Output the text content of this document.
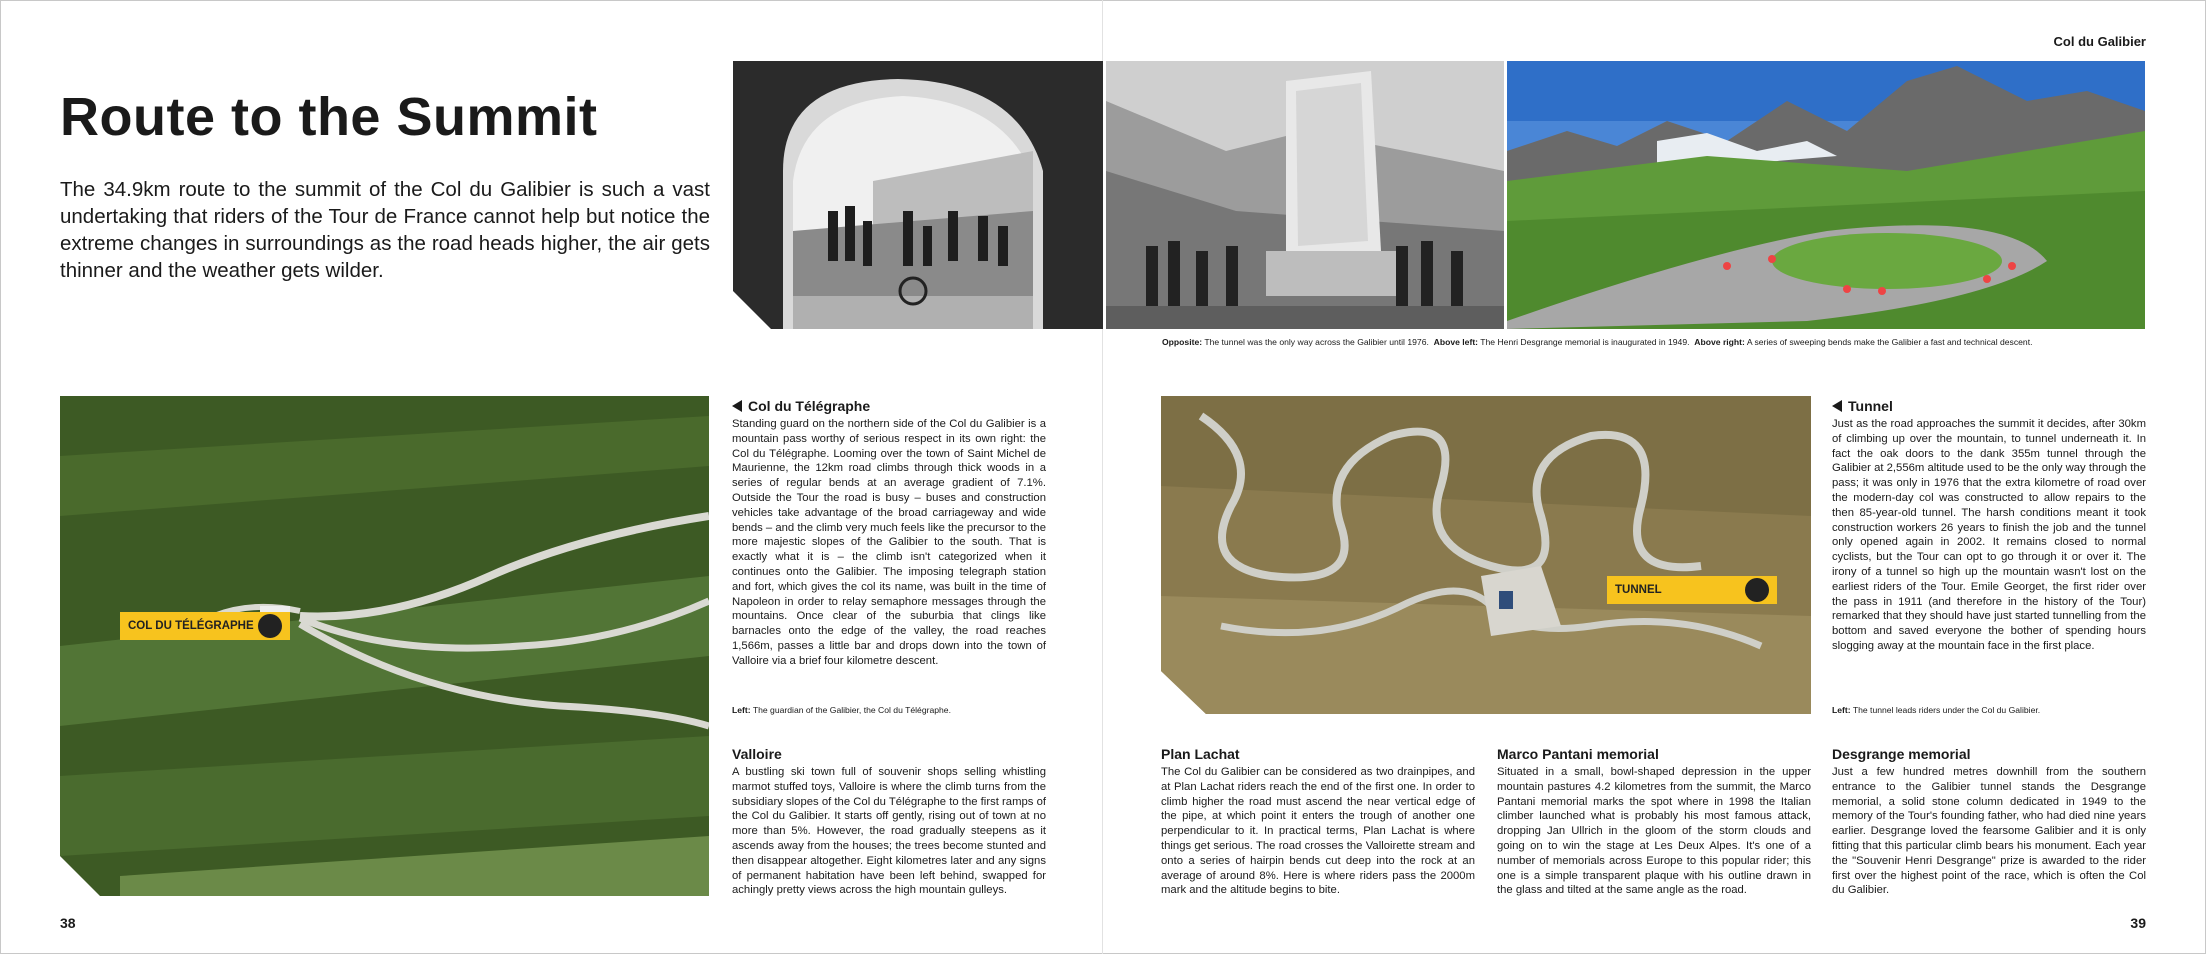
Col du Galibier
Route to the Summit

The 34.9km route to the summit of the Col du Galibier is such a vast undertaking that riders of the Tour de France cannot help but notice the extreme changes in surroundings as the road heads higher, the air gets thinner and the weather gets wilder.

Opposite: The tunnel was the only way across the Galibier until 1976. Above left: The Henri Desgrange memorial is inaugurated in 1949. Above right: A series of sweeping bends make the Galibier a fast and technical descent.
COL DU TÉLÉGRAPHE
TUNNEL
Col du Télégraphe

Standing guard on the northern side of the Col du Galibier is a mountain pass worthy of serious respect in its own right: the Col du Télégraphe. Looming over the town of Saint Michel de Maurienne, the 12km road climbs through thick woods in a series of regular bends at an average gradient of 7.1%. Outside the Tour the road is busy – buses and construction vehicles take advantage of the broad carriageway and wide bends – and the climb very much feels like the precursor to the more majestic slopes of the Galibier to the south. That is exactly what it is – the climb isn't categorized when it continues onto the Galibier. The imposing telegraph station and fort, which gives the col its name, was built in the time of Napoleon in order to relay semaphore messages through the mountains. Once clear of the suburbia that clings like barnacles onto the edge of the valley, the road reaches 1,566m, passes a little bar and drops down into the town of Valloire via a brief four kilometre descent.

Left: The guardian of the Galibier, the Col du Télégraphe.
Tunnel

Just as the road approaches the summit it decides, after 30km of climbing up over the mountain, to tunnel underneath it. In fact the oak doors to the dank 355m tunnel through the Galibier at 2,556m altitude used to be the only way through the pass; it was only in 1976 that the extra kilometre of road over the modern-day col was constructed to allow repairs to the then 85-year-old tunnel. The harsh conditions meant it took construction workers 26 years to finish the job and the tunnel only opened again in 2002. It remains closed to normal cyclists, but the Tour can opt to go through it or over it. The irony of a tunnel so high up the mountain wasn't lost on the earliest riders of the Tour. Emile Georget, the first rider over the pass in 1911 (and therefore in the history of the Tour) remarked that they should have just started tunnelling from the bottom and saved everyone the bother of spending hours slogging away at the mountain face in the first place.

Left: The tunnel leads riders under the Col du Galibier.
Valloire

A bustling ski town full of souvenir shops selling whistling marmot stuffed toys, Valloire is where the climb turns from the subsidiary slopes of the Col du Télégraphe to the first ramps of the Col du Galibier. It starts off gently, rising out of town at no more than 5%. However, the road gradually steepens as it ascends away from the houses; the trees become stunted and then disappear altogether. Eight kilometres later and any signs of permanent habitation have been left behind, swapped for achingly pretty views across the high mountain gulleys.

Plan Lachat

The Col du Galibier can be considered as two drainpipes, and at Plan Lachat riders reach the end of the first one. In order to climb higher the road must ascend the near vertical edge of the pipe, at which point it enters the trough of another one perpendicular to it. In practical terms, Plan Lachat is where things get serious. The road crosses the Valloirette stream and onto a series of hairpin bends cut deep into the rock at an average of around 8%. Here is where riders pass the 2000m mark and the altitude begins to bite.

Marco Pantani memorial

Situated in a small, bowl-shaped depression in the upper mountain pastures 4.2 kilometres from the summit, the Marco Pantani memorial marks the spot where in 1998 the Italian climber launched what is probably his most famous attack, dropping Jan Ullrich in the gloom of the storm clouds and going on to win the stage at Les Deux Alpes. It's one of a number of memorials across Europe to this popular rider; this one is a simple transparent plaque with his outline drawn in the glass and tilted at the same angle as the road.

Desgrange memorial

Just a few hundred metres downhill from the southern entrance to the Galibier tunnel stands the Desgrange memorial, a solid stone column dedicated in 1949 to the memory of the Tour's founding father, who had died nine years earlier. Desgrange loved the fearsome Galibier and it is only fitting that this particular climb bears his monument. Each year the "Souvenir Henri Desgrange" prize is awarded to the rider first over the highest point of the race, which is often the Col du Galibier.

38	39
